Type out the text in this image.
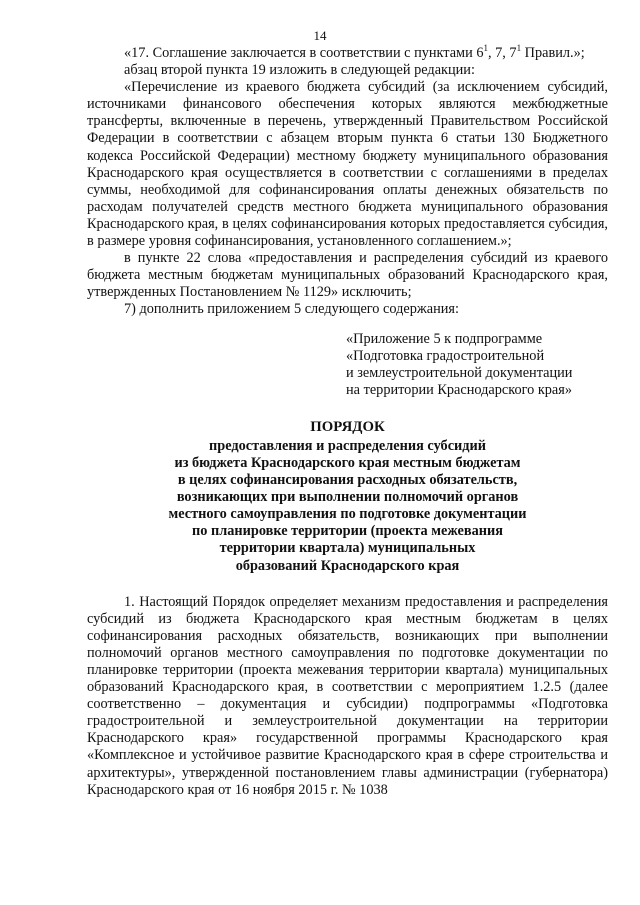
14

«17. Соглашение заключается в соответствии с пунктами $6^1$, 7, $7^1$ Правил.»;

абзац второй пункта 19 изложить в следующей редакции:

«Перечисление из краевого бюджета субсидий (за исключением субсидий, источниками финансового обеспечения которых являются межбюджетные трансферты, включенные в перечень, утвержденный Правительством Российской Федерации в соответствии с абзацем вторым пункта 6 статьи 130 Бюджетного кодекса Российской Федерации) местному бюджету муниципального образования Краснодарского края осуществляется в соответствии с соглашениями в пределах суммы, необходимой для софинансирования оплаты денежных обязательств по расходам получателей средств местного бюджета муниципального образования Краснодарского края, в целях софинансирования которых предоставляется субсидия, в размере уровня софинансирования, установленного соглашением.»;

в пункте 22 слова «предоставления и распределения субсидий из краевого бюджета местным бюджетам муниципальных образований Краснодарского края, утвержденных Постановлением № 1129» исключить;

7) дополнить приложением 5 следующего содержания:

«Приложение 5 к подпрограмме

«Подготовка градостроительной

и землеустроительной документации

на территории Краснодарского края»

ПОРЯДОК

предоставления и распределения субсидий

из бюджета Краснодарского края местным бюджетам

в целях софинансирования расходных обязательств,

возникающих при выполнении полномочий органов

местного самоуправления по подготовке документации

по планировке территории (проекта межевания

территории квартала) муниципальных

образований Краснодарского края

1. Настоящий Порядок определяет механизм предоставления и распределения субсидий из бюджета Краснодарского края местным бюджетам в целях софинансирования расходных обязательств, возникающих при выполнении полномочий органов местного самоуправления по подготовке документации по планировке территории (проекта межевания территории квартала) муниципальных образований Краснодарского края, в соответствии с мероприятием 1.2.5 (далее соответственно – документация и субсидии) подпрограммы «Подготовка градостроительной и землеустроительной документации на территории Краснодарского края» государственной программы Краснодарского края «Комплексное и устойчивое развитие Краснодарского края в сфере строительства и архитектуры», утвержденной постановлением главы администрации (губернатора) Краснодарского края от 16 ноября 2015 г. № 1038
